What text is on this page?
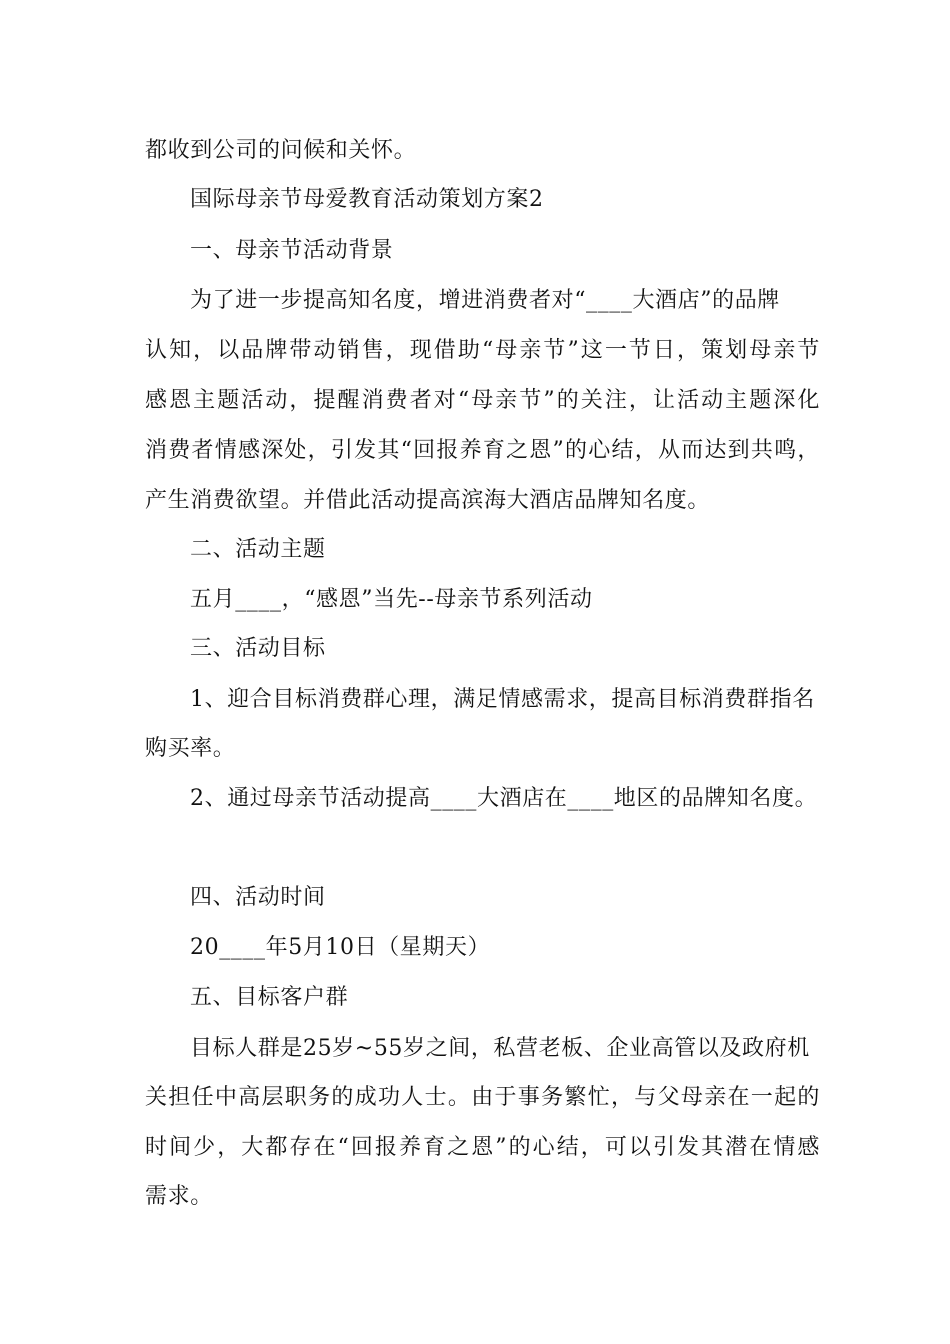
都收到公司的问候和关怀。
国际母亲节母爱教育活动策划方案2
一、母亲节活动背景
为了进一步提高知名度，增进消费者对“____大酒店”的品牌
认知，以品牌带动销售，现借助“母亲节”这一节日，策划母亲节
感恩主题活动，提醒消费者对“母亲节”的关注，让活动主题深化
消费者情感深处，引发其“回报养育之恩”的心结，从而达到共鸣，
产生消费欲望。并借此活动提高滨海大酒店品牌知名度。
二、活动主题
五月____，“感恩”当先--母亲节系列活动
三、活动目标
1、迎合目标消费群心理，满足情感需求，提高目标消费群指名
购买率。
2、通过母亲节活动提高____大酒店在____地区的品牌知名度。
四、活动时间
20____年5月10日（星期天）
五、目标客户群
目标人群是25岁~55岁之间，私营老板、企业高管以及政府机
关担任中高层职务的成功人士。由于事务繁忙，与父母亲在一起的
时间少，大都存在“回报养育之恩”的心结，可以引发其潜在情感
需求。
